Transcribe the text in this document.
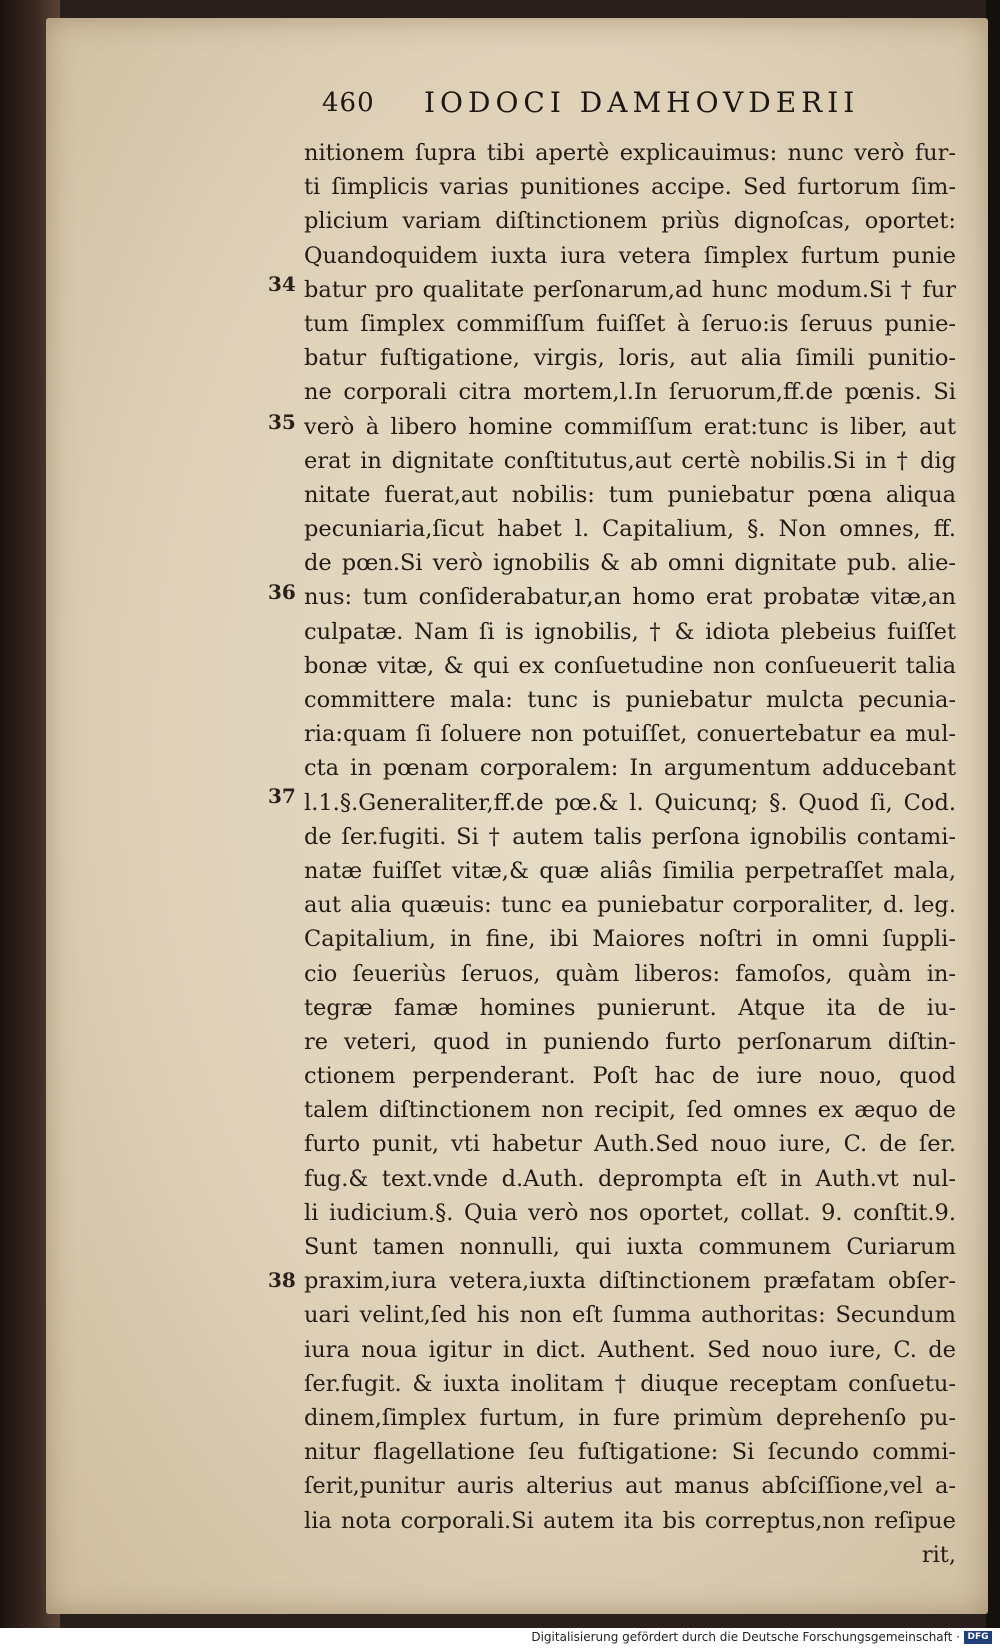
460 IODOCI DAMHOVDERII
34
35
36
37
38
nitionem ſupra tibi apertè explicauimus: nunc verò fur-
ti ſimplicis varias punitiones accipe. Sed furtorum ſim-
plicium variam diſtinctionem priùs dignoſcas, oportet:
Quandoquidem iuxta iura vetera ſimplex furtum punie
batur pro qualitate perſonarum,ad hunc modum.Si † fur
tum ſimplex commiſſum fuiſſet à ſeruo:is ſeruus punie-
batur fuſtigatione, virgis, loris, aut alia ſimili punitio-
ne corporali citra mortem,l.In ſeruorum,ff.de pœnis. Si
verò à libero homine commiſſum erat:tunc is liber, aut
erat in dignitate conſtitutus,aut certè nobilis.Si in † dig
nitate fuerat,aut nobilis: tum puniebatur pœna aliqua
pecuniaria,ſicut habet l. Capitalium, §. Non omnes, ff.
de pœn.Si verò ignobilis & ab omni dignitate pub. alie-
nus: tum conſiderabatur,an homo erat probatæ vitæ,an
culpatæ. Nam ſi is ignobilis, † & idiota plebeius fuiſſet
bonæ vitæ, & qui ex conſuetudine non conſueuerit talia
committere mala: tunc is puniebatur mulcta pecunia-
ria:quam ſi ſoluere non potuiſſet, conuertebatur ea mul-
cta in pœnam corporalem: In argumentum adducebant
l.1.§.Generaliter,ff.de pœ.& l. Quicunq; §. Quod ſi, Cod.
de ſer.fugiti. Si † autem talis perſona ignobilis contami-
natæ fuiſſet vitæ,& quæ aliâs ſimilia perpetraſſet mala,
aut alia quæuis: tunc ea puniebatur corporaliter, d. leg.
Capitalium, in fine, ibi Maiores noſtri in omni ſuppli-
cio ſeueriùs ſeruos, quàm liberos: famoſos, quàm in-
tegræ famæ homines punierunt. Atque ita de iu-
re veteri, quod in puniendo furto perſonarum diſtin-
ctionem perpenderant. Poſt hac de iure nouo, quod
talem diſtinctionem non recipit, ſed omnes ex æquo de
furto punit, vti habetur Auth.Sed nouo iure, C. de ſer.
fug.& text.vnde d.Auth. deprompta eſt in Auth.vt nul-
li iudicium.§. Quia verò nos oportet, collat. 9. conſtit.9.
Sunt tamen nonnulli, qui iuxta communem Curiarum
praxim,iura vetera,iuxta diſtinctionem præfatam obſer-
uari velint,ſed his non eſt ſumma authoritas: Secundum
iura noua igitur in dict. Authent. Sed nouo iure, C. de
ſer.fugit. & iuxta inolitam † diuque receptam conſuetu-
dinem,ſimplex furtum, in fure primùm deprehenſo pu-
nitur flagellatione ſeu fuſtigatione: Si ſecundo commi-
ſerit,punitur auris alterius aut manus abſciſſione,vel a-
lia nota corporali.Si autem ita bis correptus,non reſipue
rit,
Digitalisierung gefördert durch die Deutsche Forschungsgemeinschaft · DFG
